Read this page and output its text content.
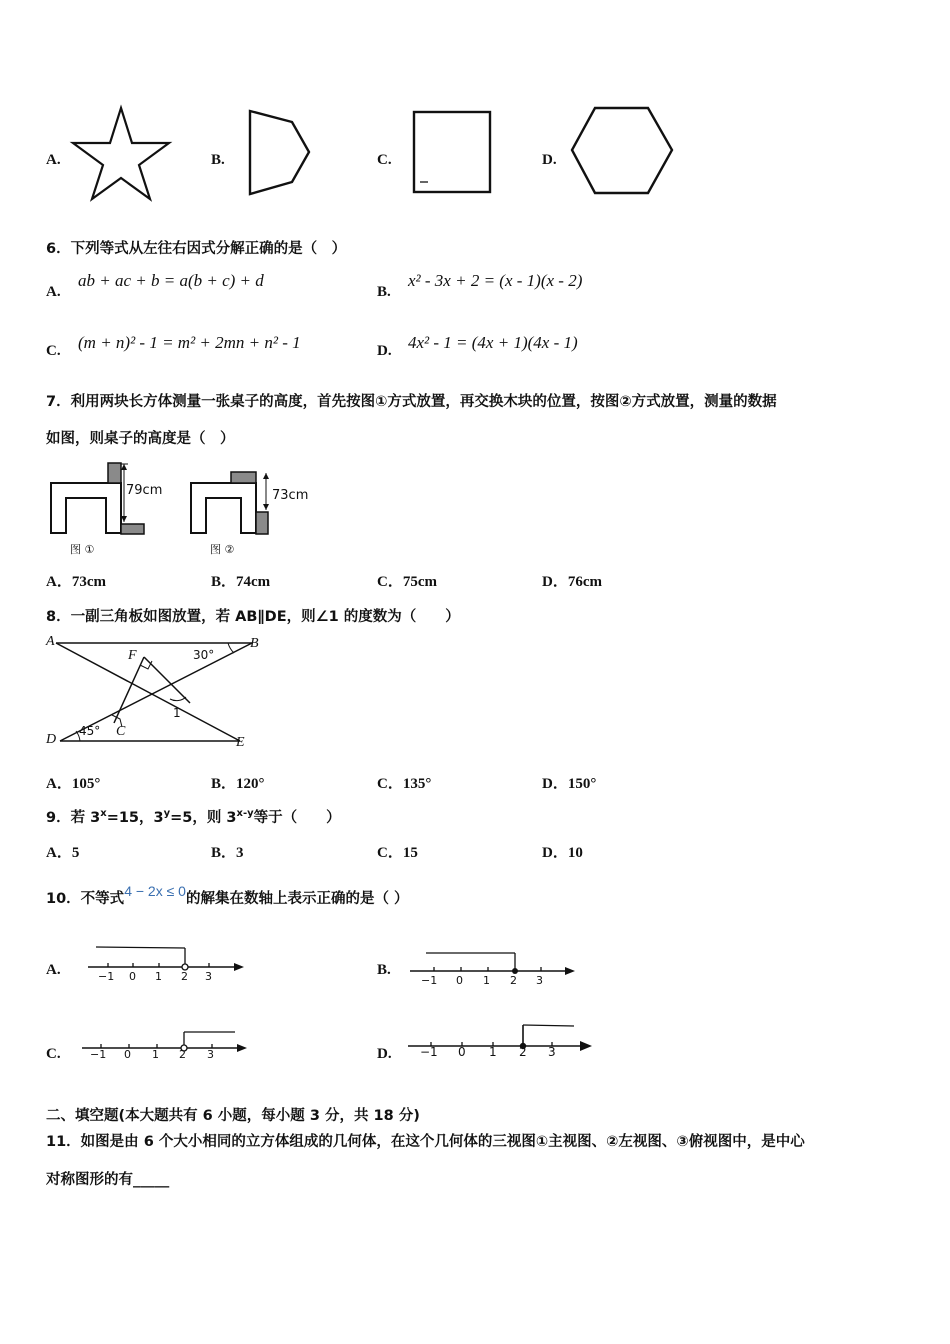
A.	B.	C.	D.
6．下列等式从左往右因式分解正确的是（　）
A.
ab + ac + b = a(b + c) + d
B.
x² - 3x + 2 = (x - 1)(x - 2)
C. (m + n)² - 1 = m² + 2mn + n² - 1	D. 4x² - 1 = (4x + 1)(4x - 1)
7．利用两块长方体测量一张桌子的高度，首先按图①方式放置，再交换木块的位置，按图②方式放置，测量的数据
如图，则桌子的高度是（　）
79cm
图 ①
73cm
图 ②
A．73cm	B．74cm	C．75cm	D．76cm
8．一副三角板如图放置，若 AB∥DE，则∠1 的度数为（　　）
A	B
F
D
C
E
30°
45°
1
A．105°	B．120°	C．135°	D．150°
9．若 $3^x=15$，$3^y=5$，则 3$^{x-y}$等于（　　）
A．5	B．3	C．15	D．10
10．不等式4 − 2x ≤ 0的解集在数轴上表示正确的是（ ）
A.	−1 0 1 2 3	B.
−1 0 1 2 3
C.	−1 0 1 2 3	D. −1 0 1 2 3
二、填空题(本大题共有 6 小题，每小题 3 分，共 18 分)
11．如图是由 6 个大小相同的立方体组成的几何体，在这个几何体的三视图①主视图、②左视图、③俯视图中，是中心
对称图形的有_____
